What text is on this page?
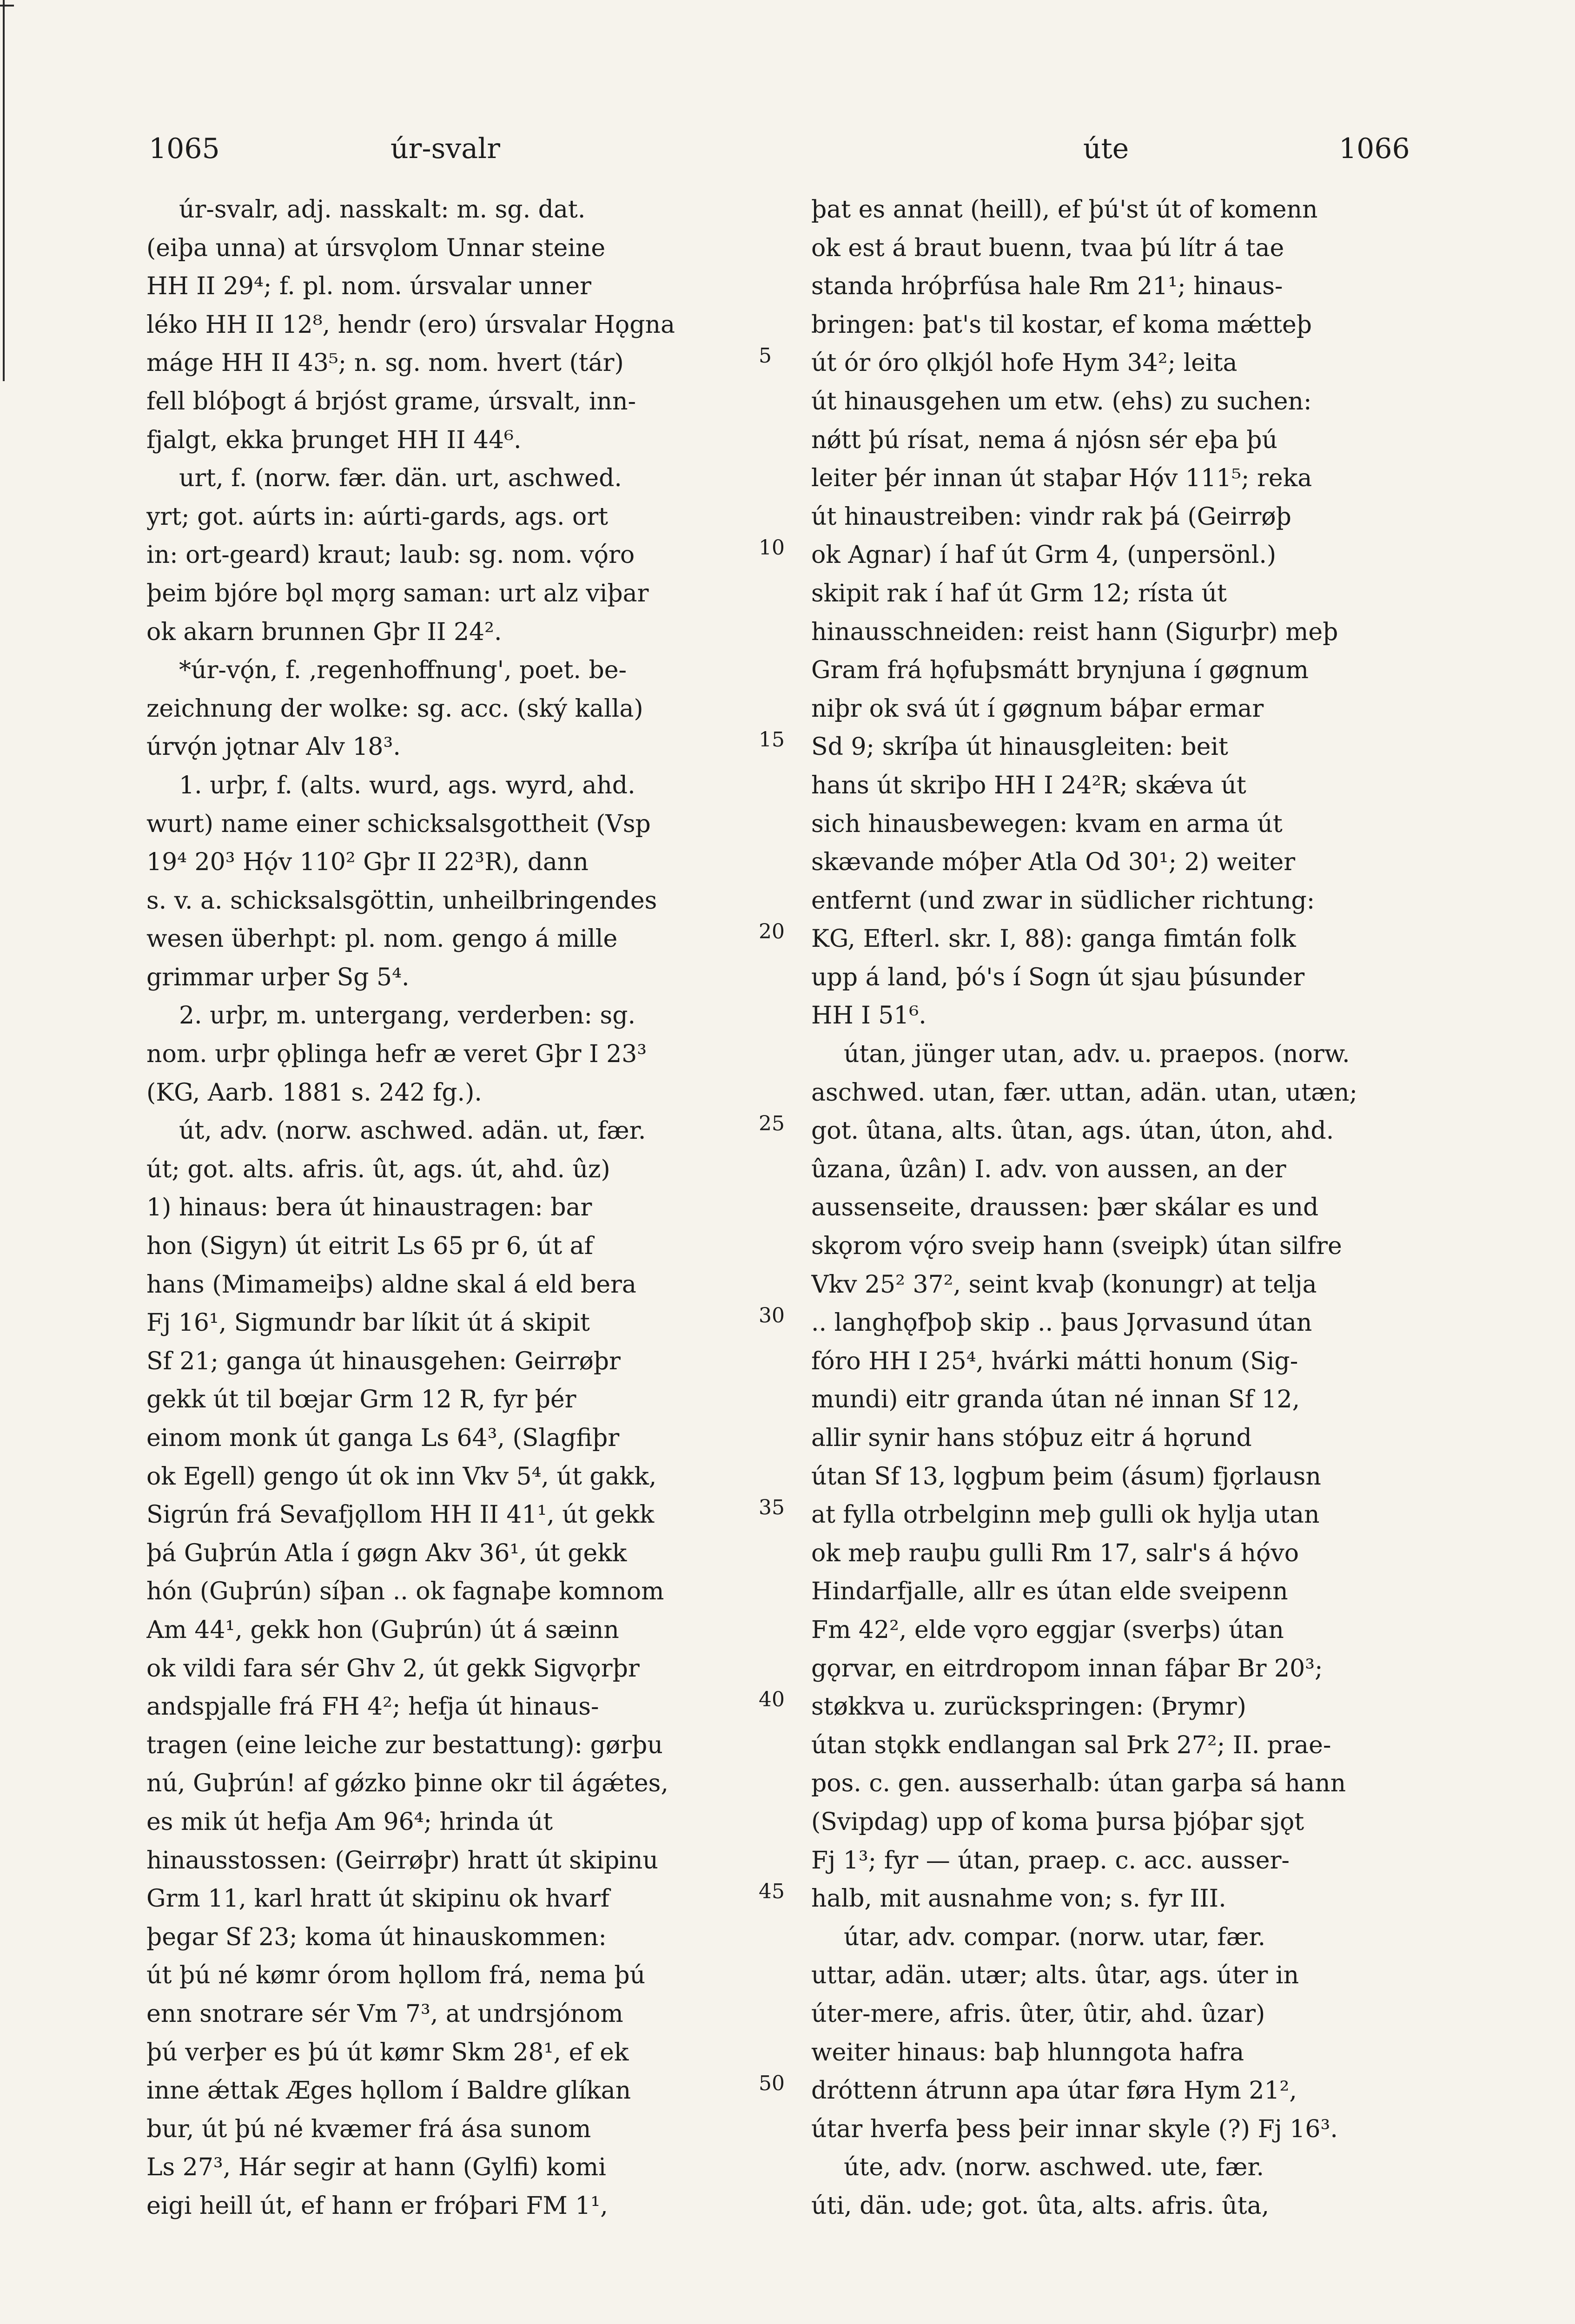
1065	úr-svalr	úte	1066
úr-svalr, adj. nasskalt: m. sg. dat.
(eiþa unna) at úrsvǫlom Unnar steine
HH II 29⁴; f. pl. nom. úrsvalar unner
léko HH II 12⁸, hendr (ero) úrsvalar Hǫgna
máge HH II 43⁵; n. sg. nom. hvert (tár)
fell blóþogt á brjóst grame, úrsvalt, inn-
fjalgt, ekka þrunget HH II 44⁶.
urt, f. (norw. fær. dän. urt, aschwed.
yrt; got. aúrts in: aúrti-gards, ags. ort
in: ort-geard) kraut; laub: sg. nom. vǫ́ro
þeim bjóre bǫl mǫrg saman: urt alz viþar
ok akarn brunnen Gþr II 24².
*úr-vǫ́n, f. ‚regenhoffnung', poet. be-
zeichnung der wolke: sg. acc. (ský kalla)
úrvǫ́n jǫtnar Alv 18³.
1. urþr, f. (alts. wurd, ags. wyrd, ahd.
wurt) name einer schicksalsgottheit (Vsp
19⁴ 20³ Hǫ́v 110² Gþr II 22³R), dann
s. v. a. schicksalsgöttin, unheilbringendes
wesen überhpt: pl. nom. gengo á mille
grimmar urþer Sg 5⁴.
2. urþr, m. untergang, verderben: sg.
nom. urþr ǫþlinga hefr æ veret Gþr I 23³
(KG, Aarb. 1881 s. 242 fg.).
út, adv. (norw. aschwed. adän. ut, fær.
út; got. alts. afris. ût, ags. út, ahd. ûz)
1) hinaus: bera út hinaustragen: bar
hon (Sigyn) út eitrit Ls 65 pr 6, út af
hans (Mimameiþs) aldne skal á eld bera
Fj 16¹, Sigmundr bar líkit út á skipit
Sf 21; ganga út hinausgehen: Geirrøþr
gekk út til bœjar Grm 12 R, fyr þér
einom monk út ganga Ls 64³, (Slagfiþr
ok Egell) gengo út ok inn Vkv 5⁴, út gakk,
Sigrún frá Sevafjǫllom HH II 41¹, út gekk
þá Guþrún Atla í gøgn Akv 36¹, út gekk
hón (Guþrún) síþan .. ok fagnaþe komnom
Am 44¹, gekk hon (Guþrún) út á sæinn
ok vildi fara sér Ghv 2, út gekk Sigvǫrþr
andspjalle frá FH 4²; hefja út hinaus-
tragen (eine leiche zur bestattung): gørþu
nú, Guþrún! af gǿzko þinne okr til ágǽtes,
es mik út hefja Am 96⁴; hrinda út
hinausstossen: (Geirrøþr) hratt út skipinu
Grm 11, karl hratt út skipinu ok hvarf
þegar Sf 23; koma út hinauskommen:
út þú né kømr órom hǫllom frá, nema þú
enn snotrare sér Vm 7³, at undrsjónom
þú verþer es þú út kømr Skm 28¹, ef ek
inne ǽttak Æges hǫllom í Baldre glíkan
bur, út þú né kvæmer frá ása sunom
Ls 27³, Hár segir at hann (Gylfi) komi
eigi heill út, ef hann er fróþari FM 1¹,
þat es annat (heill), ef þú'st út of komenn
ok est á braut buenn, tvaa þú lítr á tae
standa hróþrfúsa hale Rm 21¹; hinaus-
bringen: þat's til kostar, ef koma mǽtteþ
út ór óro ǫlkjól hofe Hym 34²; leita
út hinausgehen um etw. (ehs) zu suchen:
nǿtt þú rísat, nema á njósn sér eþa þú
leiter þér innan út staþar Hǫ́v 111⁵; reka
út hinaustreiben: vindr rak þá (Geirrøþ
ok Agnar) í haf út Grm 4, (unpersönl.)
skipit rak í haf út Grm 12; rísta út
hinausschneiden: reist hann (Sigurþr) meþ
Gram frá hǫfuþsmátt brynjuna í gøgnum
niþr ok svá út í gøgnum báþar ermar
Sd 9; skríþa út hinausgleiten: beit
hans út skriþo HH I 24²R; skǽva út
sich hinausbewegen: kvam en arma út
skævande móþer Atla Od 30¹; 2) weiter
entfernt (und zwar in südlicher richtung:
KG, Efterl. skr. I, 88): ganga fimtán folk
upp á land, þó's í Sogn út sjau þúsunder
HH I 51⁶.
útan, jünger utan, adv. u. praepos. (norw.
aschwed. utan, fær. uttan, adän. utan, utæn;
got. ûtana, alts. ûtan, ags. útan, úton, ahd.
ûzana, ûzân) I. adv. von aussen, an der
aussenseite, draussen: þær skálar es und
skǫrom vǫ́ro sveip hann (sveipk) útan silfre
Vkv 25² 37², seint kvaþ (konungr) at telja
.. langhǫfþoþ skip .. þaus Jǫrvasund útan
fóro HH I 25⁴, hvárki mátti honum (Sig-
mundi) eitr granda útan né innan Sf 12,
allir synir hans stóþuz eitr á hǫrund
útan Sf 13, lǫgþum þeim (ásum) fjǫrlausn
at fylla otrbelginn meþ gulli ok hylja utan
ok meþ rauþu gulli Rm 17, salr's á hǫ́vo
Hindarfjalle, allr es útan elde sveipenn
Fm 42², elde vǫro eggjar (sverþs) útan
gǫrvar, en eitrdropom innan fáþar Br 20³;
støkkva u. zurückspringen: (Þrymr)
útan stǫkk endlangan sal Þrk 27²; II. prae-
pos. c. gen. ausserhalb: útan garþa sá hann
(Svipdag) upp of koma þursa þjóþar sjǫt
Fj 1³; fyr — útan, praep. c. acc. ausser-
halb, mit ausnahme von; s. fyr III.
útar, adv. compar. (norw. utar, fær.
uttar, adän. utær; alts. ûtar, ags. úter in
úter-mere, afris. ûter, ûtir, ahd. ûzar)
weiter hinaus: baþ hlunngota hafra
dróttenn átrunn apa útar føra Hym 21²,
útar hverfa þess þeir innar skyle (?) Fj 16³.
úte, adv. (norw. aschwed. ute, fær.
úti, dän. ude; got. ûta, alts. afris. ûta,
5
10
15
20
25
30
35
40
45
50
